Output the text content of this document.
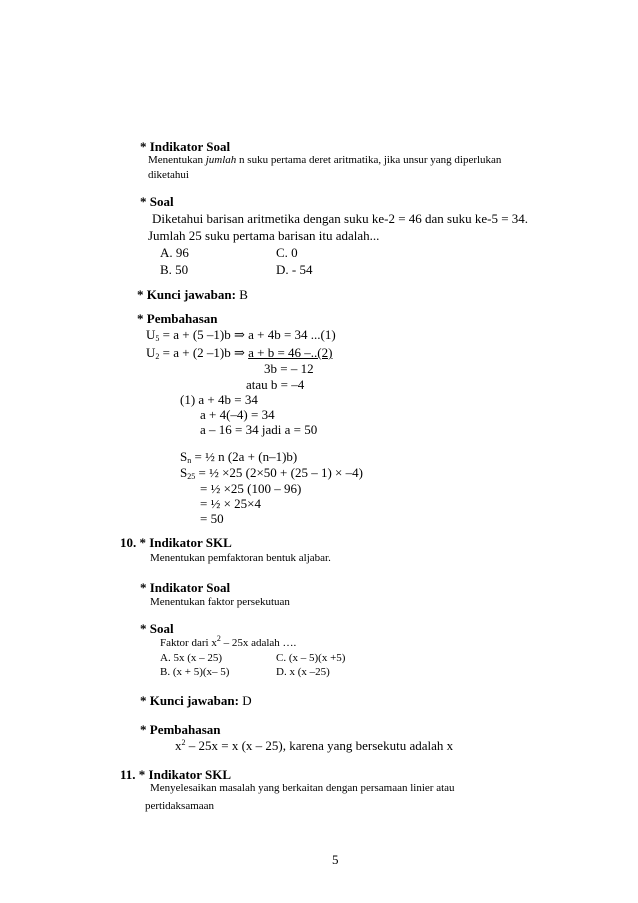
* Indikator Soal
Menentukan jumlah n suku pertama deret aritmatika, jika unsur yang diperlukan
diketahui
* Soal
Diketahui barisan aritmetika dengan suku ke-2 = 46 dan suku ke-5 = 34.
Jumlah 25 suku pertama barisan itu adalah...
A. 96	C. 0
B. 50	D. - 54
* Kunci jawaban: B
* Pembahasan
$U_5 = a + (5$ –1)b ⇒ a + 4b = 34 ...(1)
$U_2 = a + (2$ –1)b ⇒ a + b = 46 –..(2)
3b = – 12
atau b = –4
(1) a + 4b = 34
a + 4(–4) = 34
a – 16 = 34 jadi a = 50
$S_n$ = ½ n (2a + (n–1)b)
$S_{25}$ = ½ ×25 (2×50 + (25 – 1) × –4)
= ½ ×25 (100 – 96)
= ½ × 25×4
= 50
10. * Indikator SKL
Menentukan pemfaktoran bentuk aljabar.
* Indikator Soal
Menentukan faktor persekutuan
* Soal
Faktor dari $x^2 - 25x$ adalah ….
A. 5x (x – 25)	C. (x – 5)(x +5)
B. (x + 5)(x– 5)	D. x (x –25)
* Kunci jawaban: D
* Pembahasan
$x^2 - 25x = x$ (x – 25), karena yang bersekutu adalah x
11. * Indikator SKL
Menyelesaikan masalah yang berkaitan dengan persamaan linier atau
pertidaksamaan
5
